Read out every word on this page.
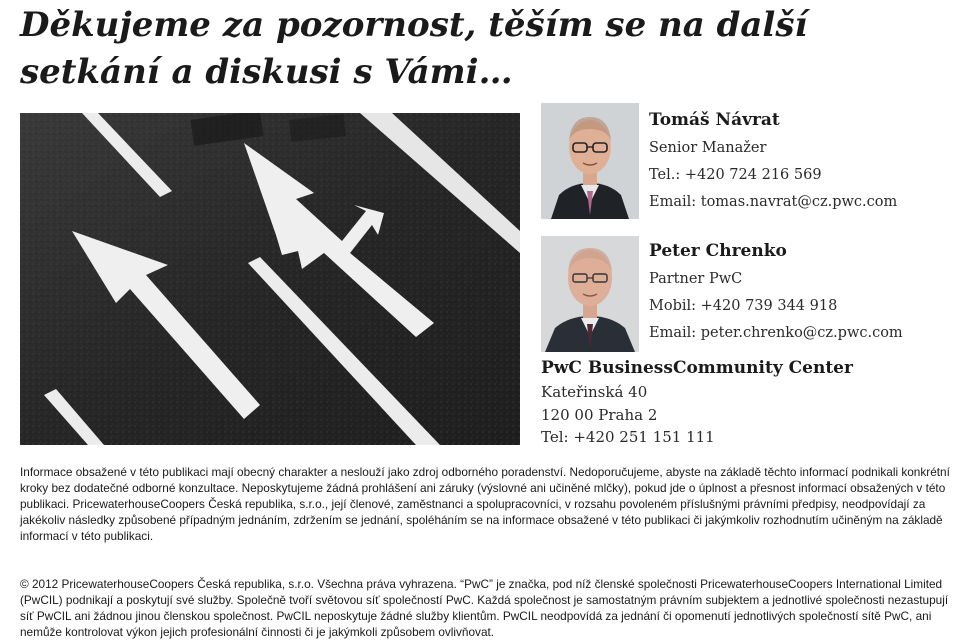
Děkujeme za pozornost, těším se na další setkání a diskusi s Vámi…
Tomáš Návrat
Senior Manažer
Tel.: +420 724 216 569
Email: tomas.navrat@cz.pwc.com
Peter Chrenko
Partner PwC
Mobil: +420 739 344 918
Email: peter.chrenko@cz.pwc.com
PwC BusinessCommunity Center
Kateřinská 40
120 00 Praha 2
Tel: +420 251 151 111

Informace obsažené v této publikaci mají obecný charakter a neslouží jako zdroj odborného poradenství. Nedoporučujeme, abyste na základě těchto informací podnikali konkrétní kroky bez dodatečné odborné konzultace. Neposkytujeme žádná prohlášení ani záruky (výslovné ani učiněné mlčky), pokud jde o úplnost a přesnost informací obsažených v této publikaci. PricewaterhouseCoopers Česká republika, s.r.o., její členové, zaměstnanci a spolupracovníci, v rozsahu povoleném příslušnými právními předpisy, neodpovídají za jakékoliv následky způsobené případným jednáním, zdržením se jednání, spoléháním se na informace obsažené v této publikaci či jakýmkoliv rozhodnutím učiněným na základě informací v této publikaci.

© 2012 PricewaterhouseCoopers Česká republika, s.r.o. Všechna práva vyhrazena. “PwC” je značka, pod níž členské společnosti PricewaterhouseCoopers International Limited (PwCIL) podnikají a poskytují své služby. Společně tvoří světovou síť společností PwC. Každá společnost je samostatným právním subjektem a jednotlivé společnosti nezastupují síť PwCIL ani žádnou jinou členskou společnost. PwCIL neposkytuje žádné služby klientům. PwCIL neodpovídá za jednání či opomenutí jednotlivých společností sítě PwC, ani nemůže kontrolovat výkon jejich profesionální činnosti či je jakýmkoli způsobem ovlivňovat.
